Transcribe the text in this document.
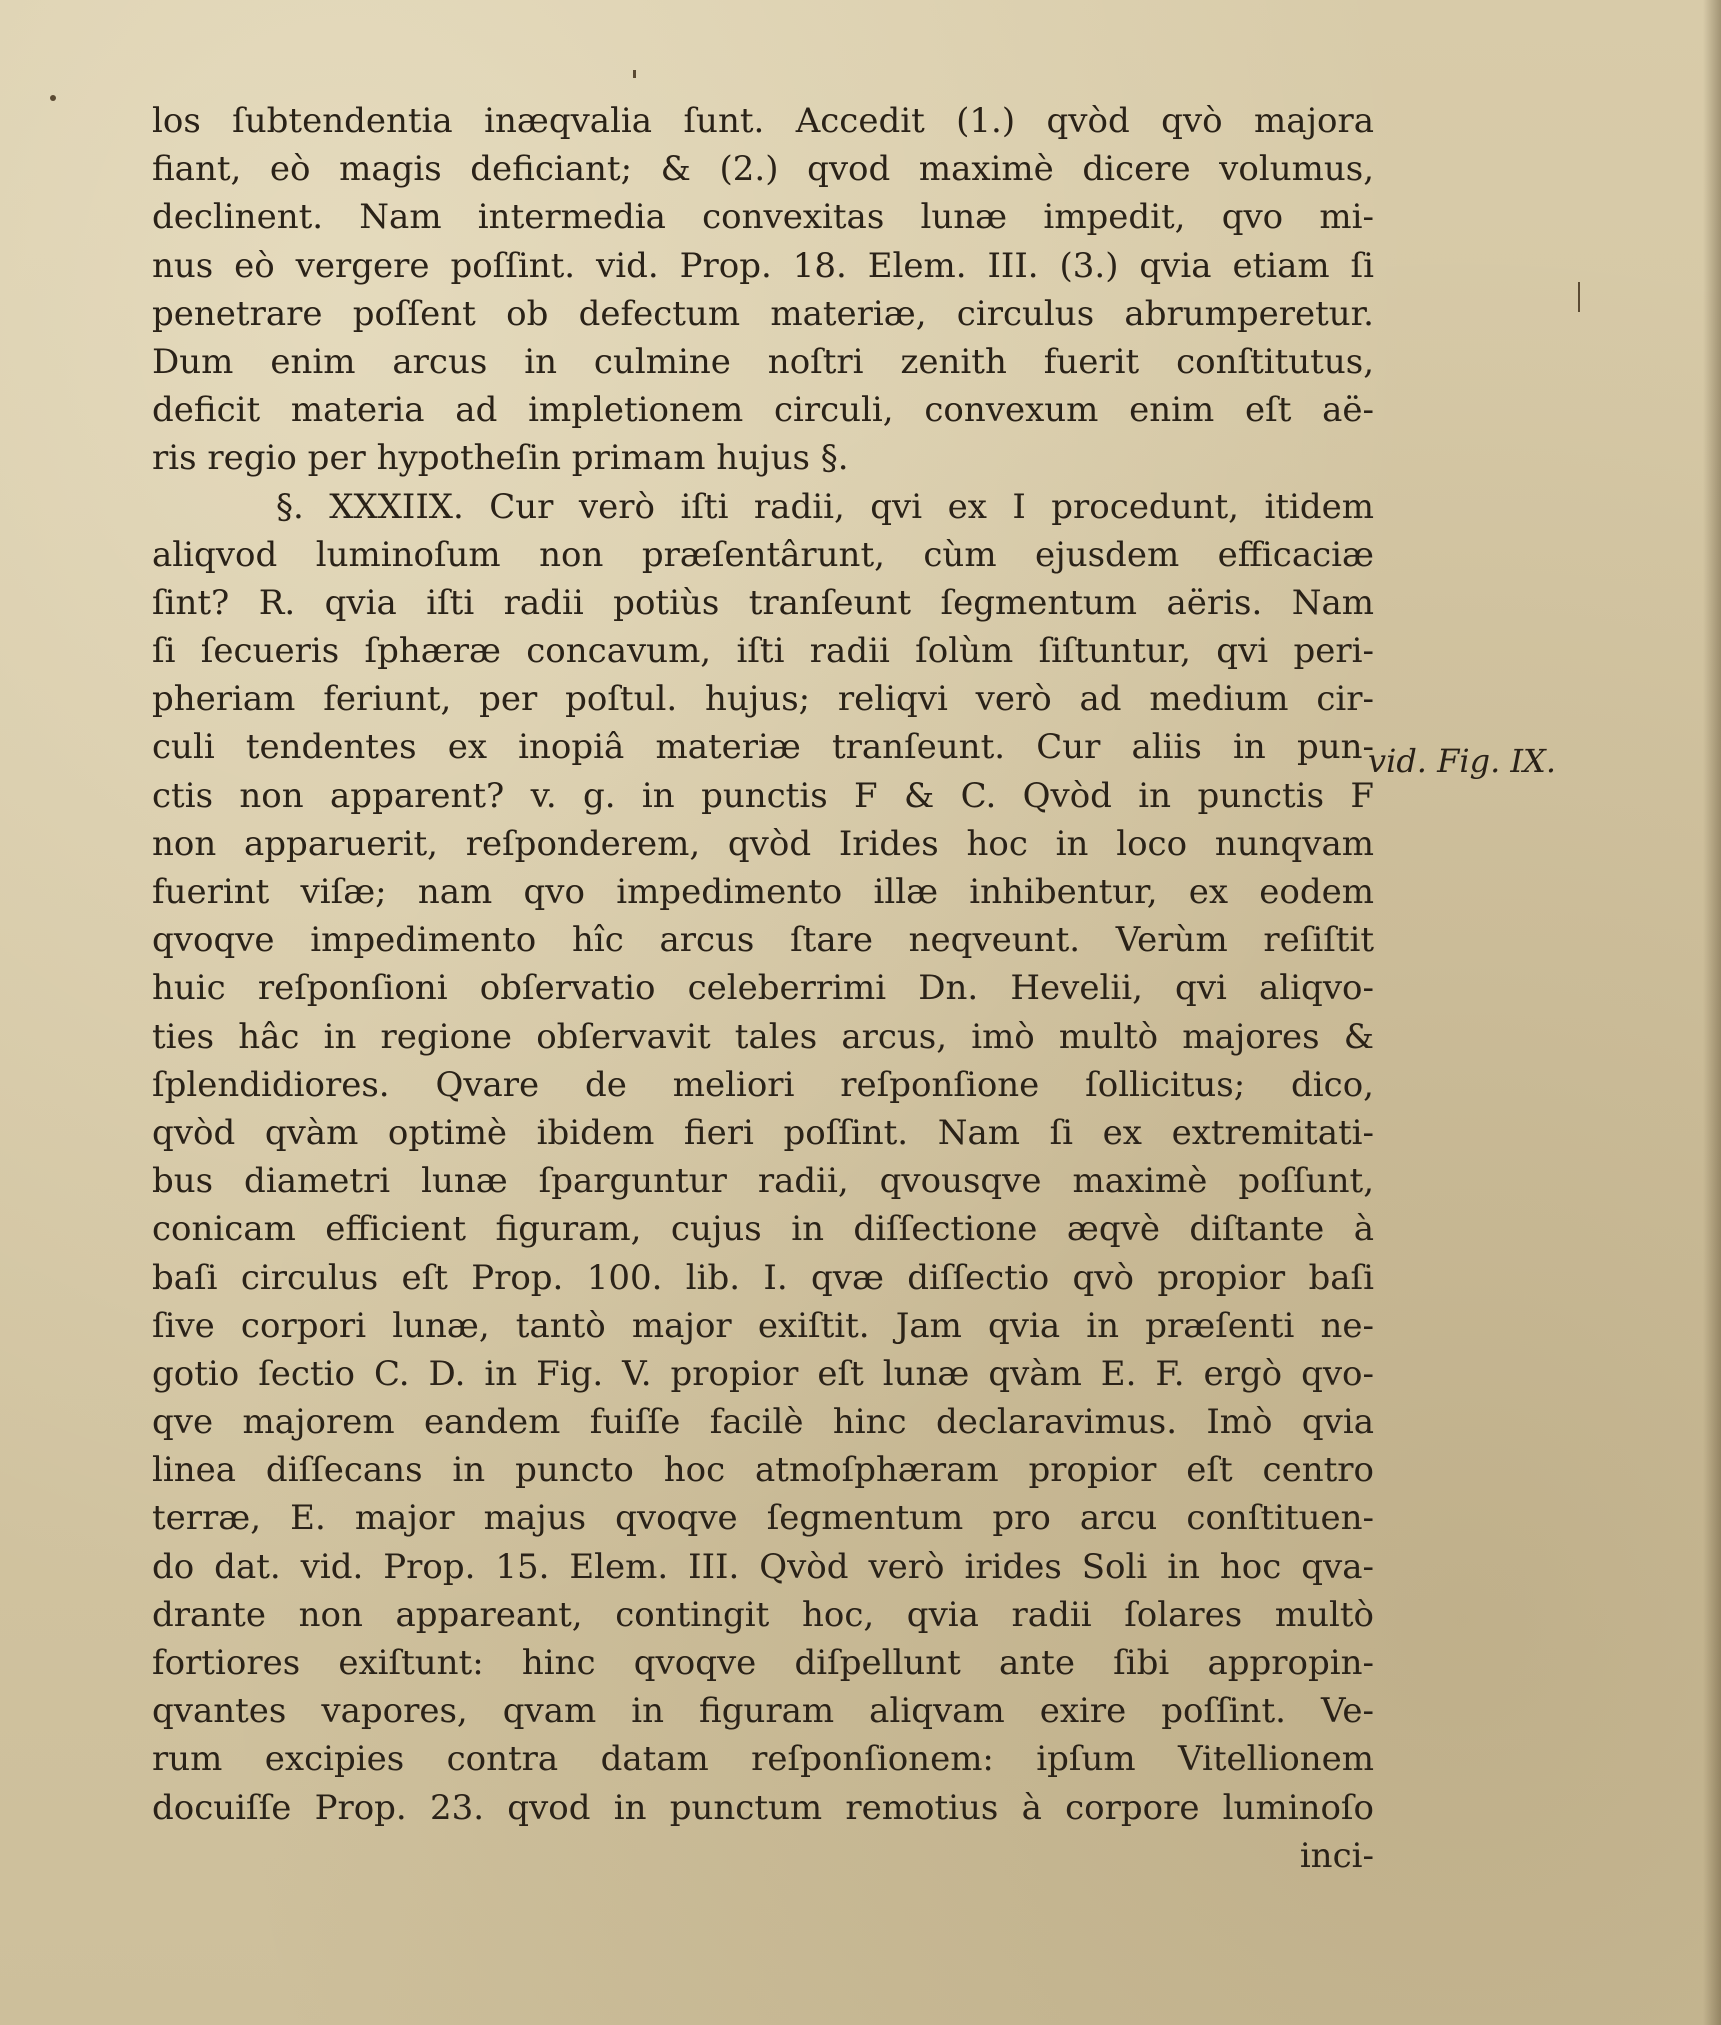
los ſubtendentia inæqvalia ſunt. Accedit (1.) qvòd qvò majora
fiant, eò magis deficiant; & (2.) qvod maximè dicere volumus,
declinent. Nam intermedia convexitas lunæ impedit, qvo mi-
nus eò vergere poſſint. vid. Prop. 18. Elem. III. (3.) qvia etiam ſi
penetrare poſſent ob defectum materiæ, circulus abrumperetur.
Dum enim arcus in culmine noſtri zenith fuerit conſtitutus,
deficit materia ad impletionem circuli, convexum enim eſt aë-
ris regio per hypotheſin primam hujus §.
§. XXXIIX. Cur verò iſti radii, qvi ex I procedunt, itidem
aliqvod luminoſum non præſentârunt, cùm ejusdem efficaciæ
ſint? R. qvia iſti radii potiùs tranſeunt ſegmentum aëris. Nam
ſi ſecueris ſphæræ concavum, iſti radii ſolùm ſiſtuntur, qvi peri-
pheriam feriunt, per poſtul. hujus; reliqvi verò ad medium cir-
culi tendentes ex inopiâ materiæ tranſeunt. Cur aliis in pun-
ctis non apparent? v. g. in punctis F & C. Qvòd in punctis F
non apparuerit, reſponderem, qvòd Irides hoc in loco nunqvam
fuerint viſæ; nam qvo impedimento illæ inhibentur, ex eodem
qvoqve impedimento hîc arcus ſtare neqveunt. Verùm reſiſtit
huic reſponſioni obſervatio celeberrimi Dn. Hevelii, qvi aliqvo-
ties hâc in regione obſervavit tales arcus, imò multò majores &
ſplendidiores. Qvare de meliori reſponſione ſollicitus; dico,
qvòd qvàm optimè ibidem fieri poſſint. Nam ſi ex extremitati-
bus diametri lunæ ſparguntur radii, qvousqve maximè poſſunt,
conicam efficient figuram, cujus in diſſectione æqvè diſtante à
baſi circulus eſt Prop. 100. lib. I. qvæ diſſectio qvò propior baſi
ſive corpori lunæ, tantò major exiſtit. Jam qvia in præſenti ne-
gotio ſectio C. D. in Fig. V. propior eſt lunæ qvàm E. F. ergò qvo-
qve majorem eandem fuiſſe facilè hinc declaravimus. Imò qvia
linea diſſecans in puncto hoc atmoſphæram propior eſt centro
terræ, E. major majus qvoqve ſegmentum pro arcu conſtituen-
do dat. vid. Prop. 15. Elem. III. Qvòd verò irides Soli in hoc qva-
drante non appareant, contingit hoc, qvia radii ſolares multò
fortiores exiſtunt: hinc qvoqve diſpellunt ante ſibi appropin-
qvantes vapores, qvam in figuram aliqvam exire poſſint. Ve-
rum excipies contra datam reſponſionem: ipſum Vitellionem
docuiſſe Prop. 23. qvod in punctum remotius à corpore luminoſo
inci-
vid. Fig. IX.
